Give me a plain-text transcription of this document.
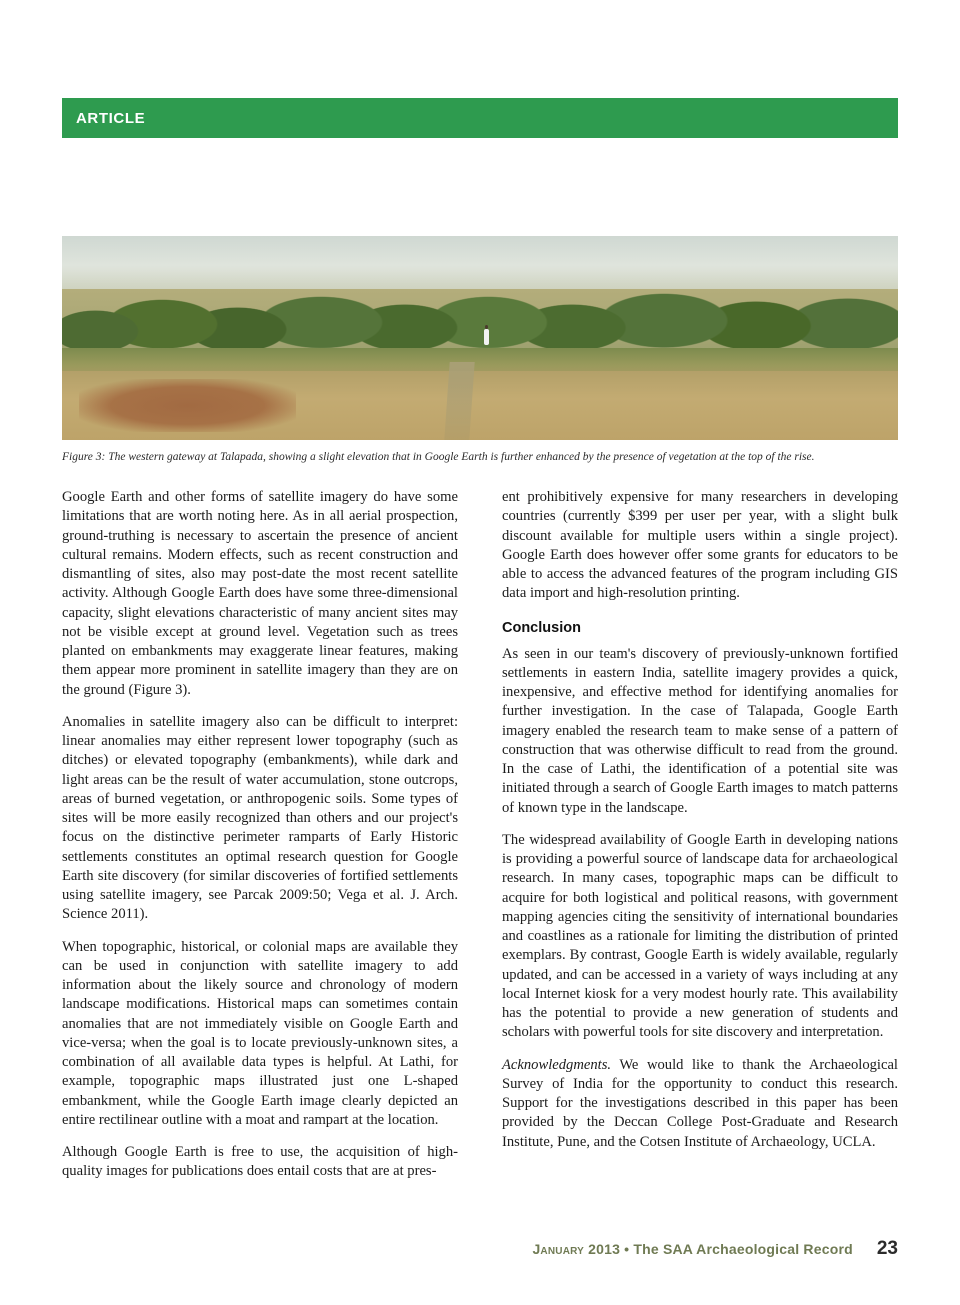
ARTICLE
Figure 3: The western gateway at Talapada, showing a slight elevation that in Google Earth is further enhanced by the presence of vegetation at the top of the rise.

Google Earth and other forms of satellite imagery do have some limitations that are worth noting here. As in all aerial prospection, ground-truthing is necessary to ascertain the presence of ancient cultural remains. Modern effects, such as recent construction and dismantling of sites, also may post-date the most recent satellite activity. Although Google Earth does have some three-dimensional capacity, slight elevations characteristic of many ancient sites may not be visible except at ground level. Vegetation such as trees planted on embankments may exaggerate linear features, making them appear more prominent in satellite imagery than they are on the ground (Figure 3).

Anomalies in satellite imagery also can be difficult to interpret: linear anomalies may either represent lower topography (such as ditches) or elevated topography (embankments), while dark and light areas can be the result of water accumulation, stone outcrops, areas of burned vegetation, or anthropogenic soils. Some types of sites will be more easily recognized than others and our project's focus on the distinctive perimeter ramparts of Early Historic settlements constitutes an optimal research question for Google Earth site discovery (for similar discoveries of fortified settlements using satellite imagery, see Parcak 2009:50; Vega et al. J. Arch. Science 2011).

When topographic, historical, or colonial maps are available they can be used in conjunction with satellite imagery to add information about the likely source and chronology of modern landscape modifications. Historical maps can sometimes contain anomalies that are not immediately visible on Google Earth and vice-versa; when the goal is to locate previously-unknown sites, a combination of all available data types is helpful. At Lathi, for example, topographic maps illustrated just one L-shaped embankment, while the Google Earth image clearly depicted an entire rectilinear outline with a moat and rampart at the location.

Although Google Earth is free to use, the acquisition of high-quality images for publications does entail costs that are at pres-

ent prohibitively expensive for many researchers in developing countries (currently $399 per user per year, with a slight bulk discount available for multiple users within a single project). Google Earth does however offer some grants for educators to be able to access the advanced features of the program including GIS data import and high-resolution printing.

Conclusion

As seen in our team's discovery of previously-unknown fortified settlements in eastern India, satellite imagery provides a quick, inexpensive, and effective method for identifying anomalies for further investigation. In the case of Talapada, Google Earth imagery enabled the research team to make sense of a pattern of construction that was otherwise difficult to read from the ground. In the case of Lathi, the identification of a potential site was initiated through a search of Google Earth images to match patterns of known type in the landscape.

The widespread availability of Google Earth in developing nations is providing a powerful source of landscape data for archaeological research. In many cases, topographic maps can be difficult to acquire for both logistical and political reasons, with government mapping agencies citing the sensitivity of international boundaries and coastlines as a rationale for limiting the distribution of printed exemplars. By contrast, Google Earth is widely available, regularly updated, and can be accessed in a variety of ways including at any local Internet kiosk for a very modest hourly rate. This availability has the potential to provide a new generation of students and scholars with powerful tools for site discovery and interpretation.

Acknowledgments. We would like to thank the Archaeological Survey of India for the opportunity to conduct this research. Support for the investigations described in this paper has been provided by the Deccan College Post-Graduate and Research Institute, Pune, and the Cotsen Institute of Archaeology, UCLA.

January 2013 • The SAA Archaeological Record 23
